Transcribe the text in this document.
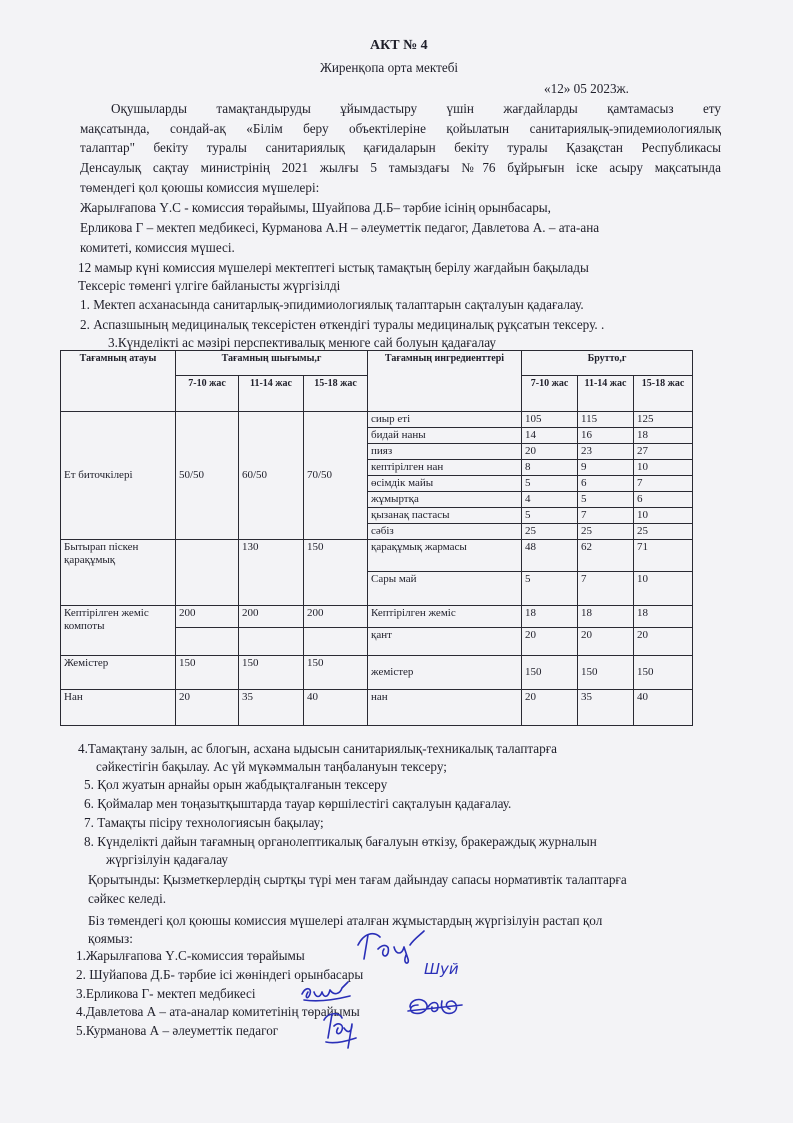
АКТ № 4
Жиренқопа орта мектебі
«12» 05 2023ж.
Оқушыларды тамақтандыруды ұйымдастыру үшін жағдайларды қамтамасыз ету
мақсатында, сондай-ақ «Білім беру объектілеріне қойылатын санитариялық-эпидемиологиялық
талаптар" бекіту туралы санитариялық қағидаларын бекіту туралы Қазақстан Республикасы
Денсаулық сақтау министрінің 2021 жылғы 5 тамыздағы №76 бұйрығын іске асыру мақсатында
төмендегі қол қоюшы комиссия мүшелері:
Жарылғапова Ү.С - комиссия төрайымы, Шуайпова Д.Б– тәрбие ісінің орынбасары,
Ерликова Г – мектеп медбикесі, Курманова А.Н – әлеуметтік педагог, Давлетова А. – ата-ана
комитеті, комиссия мүшесі.
12 мамыр күні комиссия мүшелері мектептегі ыстық тамақтың берілу жағдайын бақылады
Тексеріс төменгі үлгіге байланысты жүргізілді
1. Мектеп асханасында санитарлық-эпидимиологиялық талаптарын сақталуын қадағалау.
2. Аспазшының медициналық тексерістен өткендігі туралы медициналық рұқсатын тексеру. .
3.Күнделікті ас мәзірі перспективалық менюге сай болуын қадағалау
Тағамның атауы	Тағамның шығымы,г			Тағамның ингредиенттері	Брутто,г		
	7-10 жас	11-14 жас	15-18 жас		7-10 жас	11-14 жас	15-18 жас
Ет биточкілері	50/50	60/50	70/50	сиыр еті	105	115	125
				бидай наны	14	16	18
				пияз	20	23	27
				кептірілген нан	8	9	10
				өсімдік майы	5	6	7
				жұмыртқа	4	5	6
				қызанақ пастасы	5	7	10
				сәбіз	25	25	25
Бытырап піскен қарақұмық		130	150	қарақұмық жармасы	48	62	71
				Сары май	5	7	10
Кептірілген жеміс компоты	200	200	200	Кептірілген жеміс	18	18	18
				қант	20	20	20
Жемістер	150	150	150	жемістер	150	150	150
Нан	20	35	40	нан	20	35	40
4.Тамақтану залын, ас блогын, асхана ыдысын санитариялық-техникалық талаптарға
сәйкестігін бақылау. Ас үй мүкәммалын таңбалануын тексеру;
5. Қол жуатын арнайы орын жабдықталғанын тексеру
6. Қоймалар мен тоңазытқыштарда тауар көршілестігі сақталуын қадағалау.
7. Тамақты пісіру технологиясын бақылау;
8. Күнделікті дайын тағамның органолептикалық бағалуын өткізу, бракераждық журналын
жүргізілуін қадағалау
Қорытынды: Қызметкерлердің сыртқы түрі мен тағам дайындау сапасы нормативтік талаптарға
сәйкес келеді.
Біз төмендегі қол қоюшы комиссия мүшелері аталған жұмыстардың жүргізілуін растап қол
қоямыз:
1.Жарылғапова Ү.С-комиссия төрайымы
2. Шуйапова Д.Б- тәрбие ісі жөніндегі орынбасары
3.Ерликова Г- мектеп медбикесі
4.Давлетова А – ата-аналар комитетінің төрайымы
5.Курманова А – әлеуметтік педагог
Шуй
